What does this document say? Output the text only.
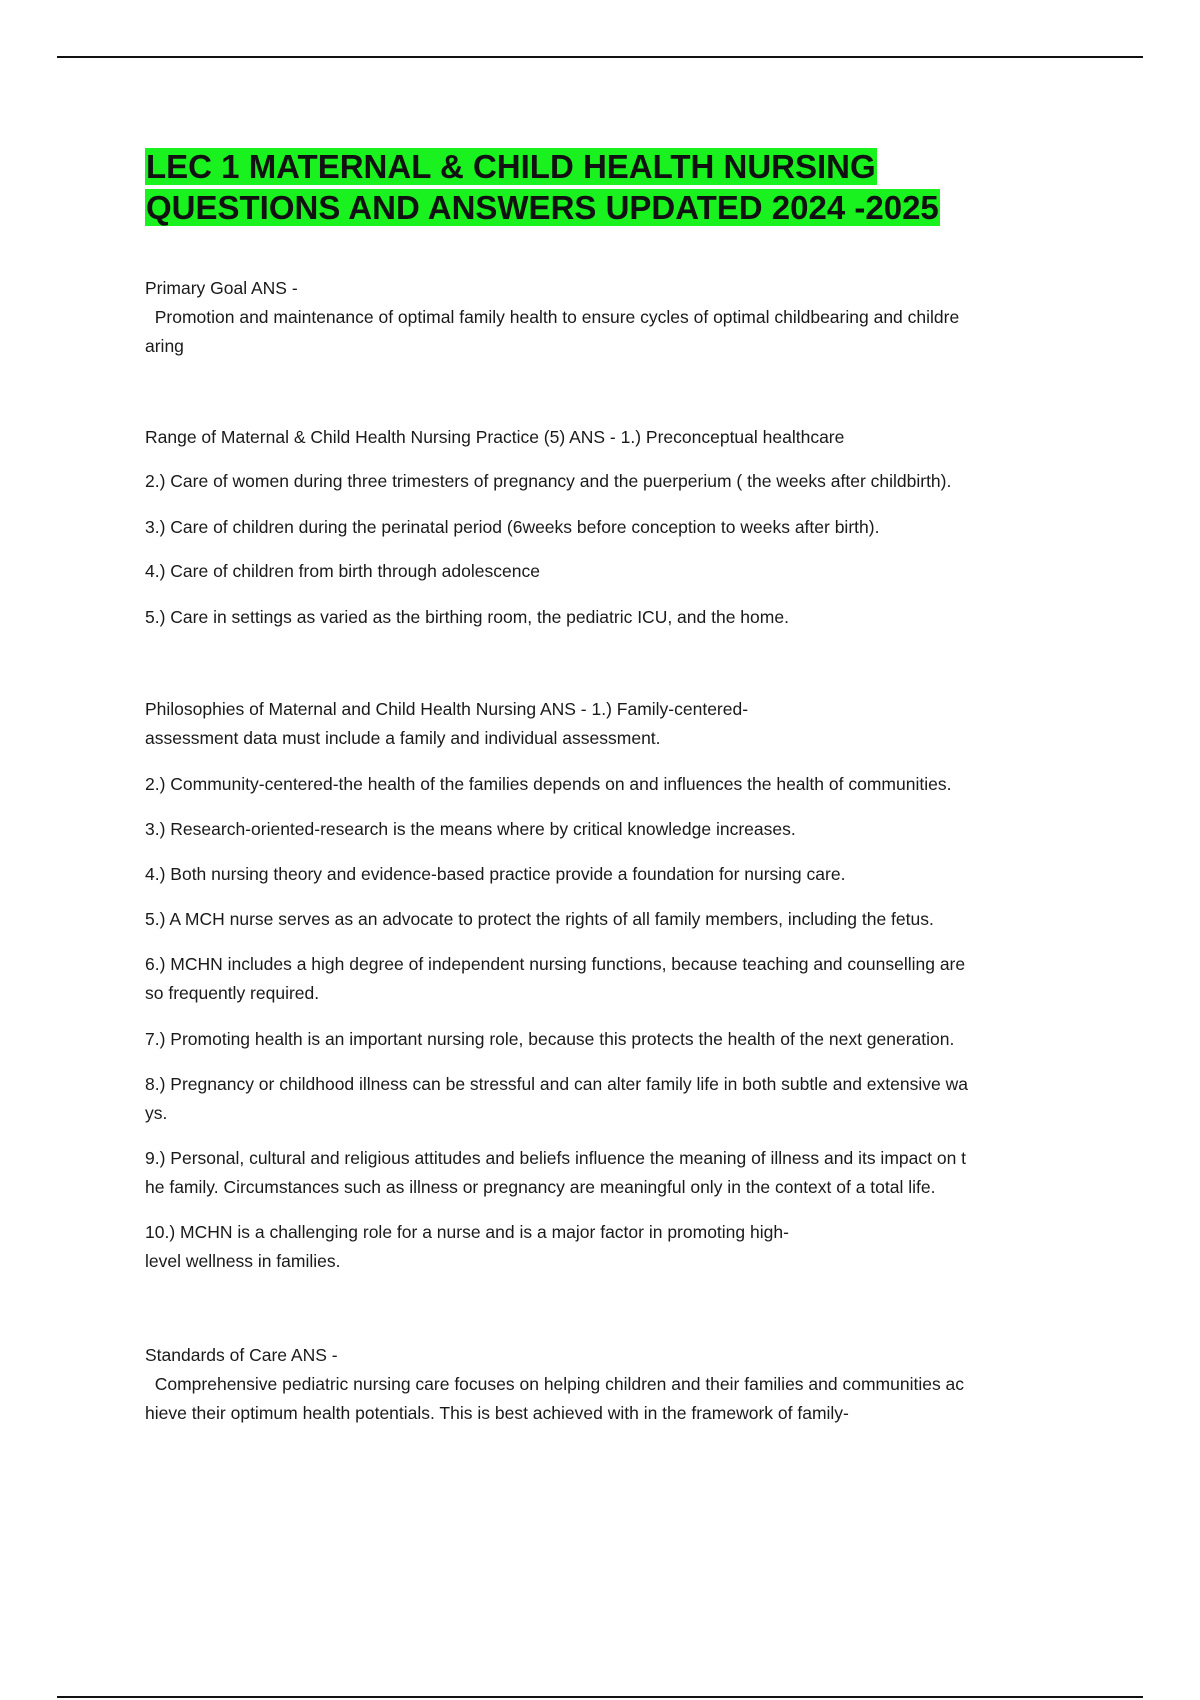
LEC 1 MATERNAL & CHILD HEALTH NURSING
QUESTIONS AND ANSWERS UPDATED 2024 -2025

Primary Goal ANS -

Promotion and maintenance of optimal family health to ensure cycles of optimal childbearing and childre

aring

Range of Maternal & Child Health Nursing Practice (5) ANS - 1.) Preconceptual healthcare

2.) Care of women during three trimesters of pregnancy and the puerperium ( the weeks after childbirth).

3.) Care of children during the perinatal period (6weeks before conception to weeks after birth).

4.) Care of children from birth through adolescence

5.) Care in settings as varied as the birthing room, the pediatric ICU, and the home.

Philosophies of Maternal and Child Health Nursing ANS - 1.) Family-centered-

assessment data must include a family and individual assessment.

2.) Community-centered-the health of the families depends on and influences the health of communities.

3.) Research-oriented-research is the means where by critical knowledge increases.

4.) Both nursing theory and evidence-based practice provide a foundation for nursing care.

5.) A MCH nurse serves as an advocate to protect the rights of all family members, including the fetus.

6.) MCHN includes a high degree of independent nursing functions, because teaching and counselling are

so frequently required.

7.) Promoting health is an important nursing role, because this protects the health of the next generation.

8.) Pregnancy or childhood illness can be stressful and can alter family life in both subtle and extensive wa

ys.

9.) Personal, cultural and religious attitudes and beliefs influence the meaning of illness and its impact on t

he family. Circumstances such as illness or pregnancy are meaningful only in the context of a total life.

10.) MCHN is a challenging role for a nurse and is a major factor in promoting high-

level wellness in families.

Standards of Care ANS -

Comprehensive pediatric nursing care focuses on helping children and their families and communities ac

hieve their optimum health potentials. This is best achieved with in the framework of family-
